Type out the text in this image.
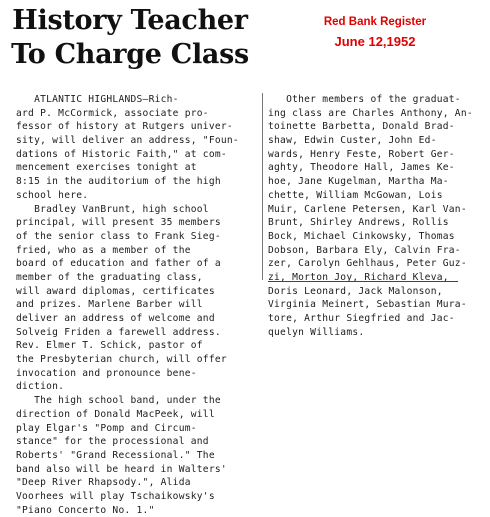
History Teacher
To Charge Class
Red Bank Register
June 12,1952
ATLANTIC HIGHLANDS—Rich-
ard P. McCormick, associate pro-
fessor of history at Rutgers univer-
sity, will deliver an address, "Foun-
dations of Historic Faith," at com-
mencement exercises tonight at
8:15 in the auditorium of the high
school here.
Bradley VanBrunt, high school
principal, will present 35 members
of the senior class to Frank Sieg-
fried, who as a member of the
board of education and father of a
member of the graduating class,
will award diplomas, certificates
and prizes. Marlene Barber will
deliver an address of welcome and
Solveig Friden a farewell address.
Rev. Elmer T. Schick, pastor of
the Presbyterian church, will offer
invocation and pronounce bene-
diction.
The high school band, under the
direction of Donald MacPeek, will
play Elgar's "Pomp and Circum-
stance" for the processional and
Roberts' "Grand Recessional." The
band also will be heard in Walters'
"Deep River Rhapsody.", Alida
Voorhees will play Tschaikowsky's
"Piano Concerto No. 1."
Other members of the graduat-
ing class are Charles Anthony, An-
toinette Barbetta, Donald Brad-
shaw, Edwin Custer, John Ed-
wards, Henry Feste, Robert Ger-
aghty, Theodore Hall, James Ke-
hoe, Jane Kugelman, Martha Ma-
chette, William McGowan, Lois
Muir, Carlene Petersen, Karl Van-
Brunt, Shirley Andrews, Rollis
Bock, Michael Cinkowsky, Thomas
Dobson, Barbara Ely, Calvin Fra-
zer, Carolyn Gehlhaus, Peter Guz-
zi, Morton Joy, Richard Kleva,
Doris Leonard, Jack Malonson,
Virginia Meinert, Sebastian Mura-
tore, Arthur Siegfried and Jac-
quelyn Williams.
